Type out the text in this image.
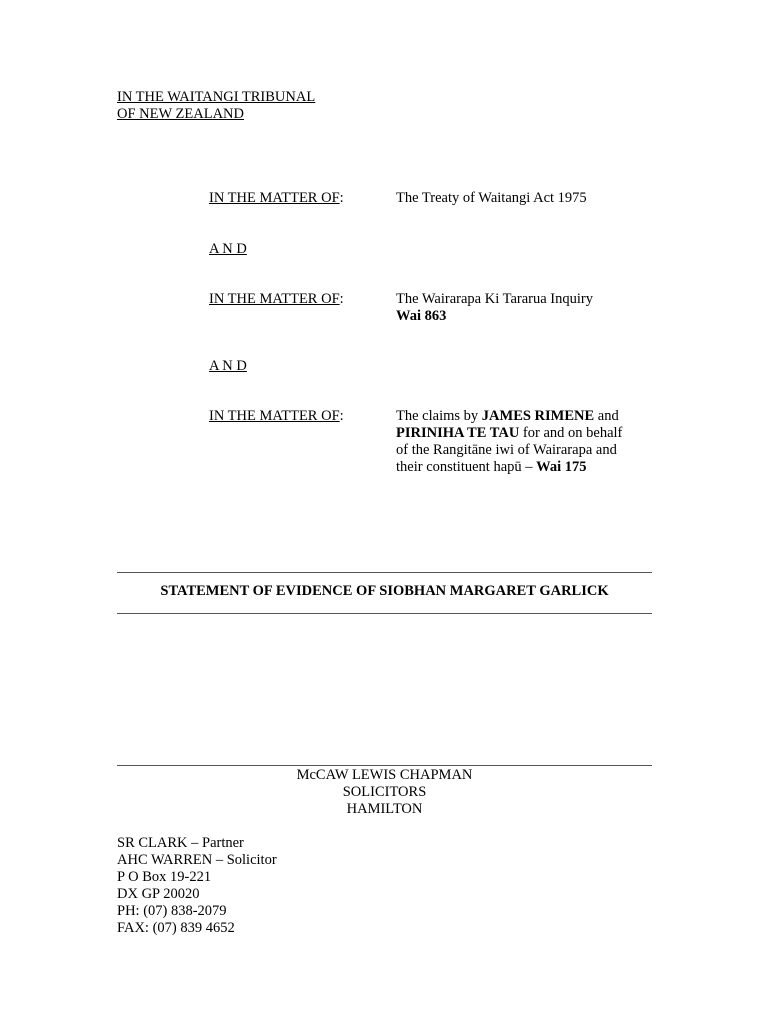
IN THE WAITANGI TRIBUNAL
OF NEW ZEALAND
IN THE MATTER OF:	The Treaty of Waitangi Act 1975
A N D
IN THE MATTER OF:	The Wairarapa Ki Tararua Inquiry
Wai 863
A N D
IN THE MATTER OF:	The claims by JAMES RIMENE and
PIRINIHA TE TAU for and on behalf
of the Rangitāne iwi of Wairarapa and
their constituent hapū – Wai 175
STATEMENT OF EVIDENCE OF SIOBHAN MARGARET GARLICK
McCAW LEWIS CHAPMAN
SOLICITORS
HAMILTON
SR CLARK – Partner
AHC WARREN – Solicitor
P O Box 19-221
DX GP 20020
PH: (07) 838-2079
FAX: (07) 839 4652
